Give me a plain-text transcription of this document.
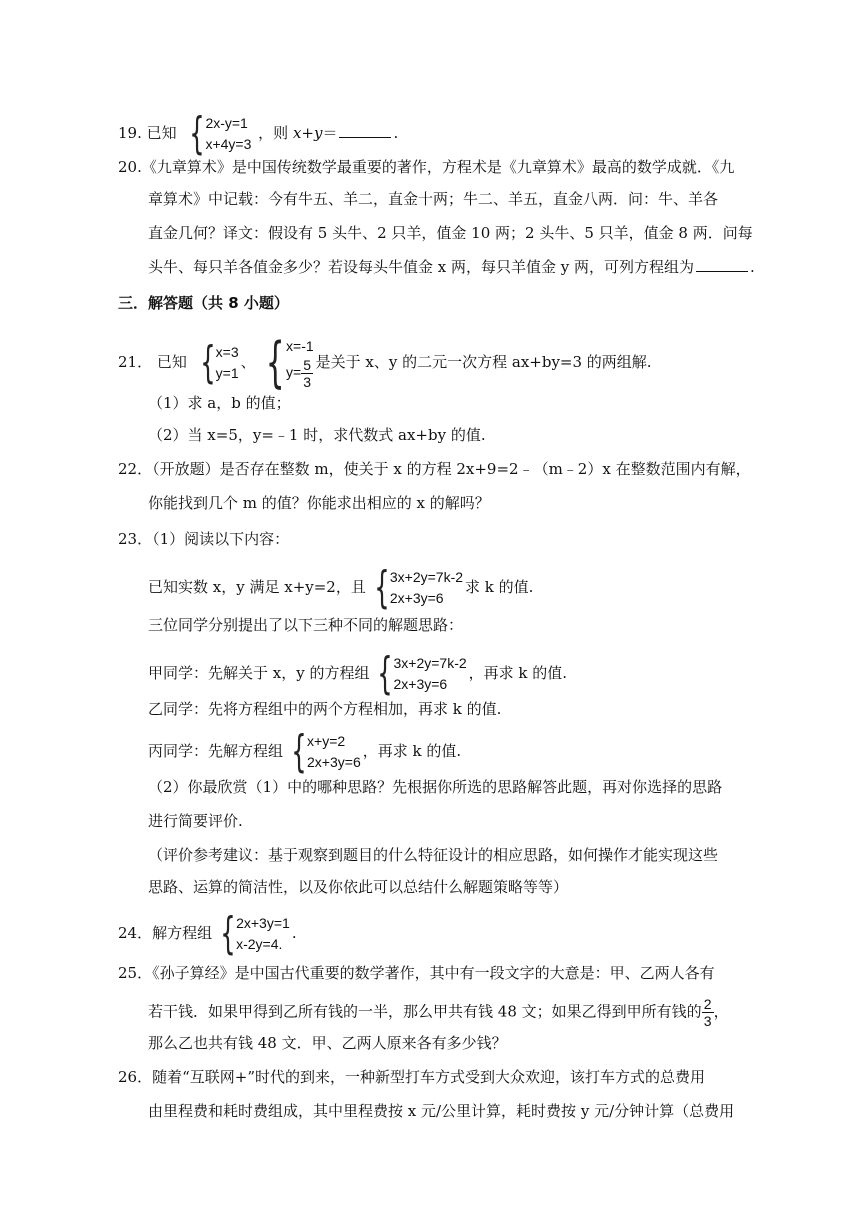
19. 已知 { 2x-y=1
x+4y=3
，则 x+y＝	.
20.《九章算术》是中国传统数学最重要的著作，方程术是《九章算术》最高的数学成就．《九
章算术》中记载：今有牛五、羊二，直金十两；牛二、羊五，直金八两．问：牛、羊各
直金几何？译文：假设有 5 头牛、2 只羊，值金 10 两；2 头牛、5 只羊，值金 8 两．问每
头牛、每只羊各值金多少？若设每头牛值金 x 两，每只羊值金 y 两，可列方程组为	.
三．解答题（共 8 小题）
21． 已知 { x=3
y=1
、 { x=-1
$y= \frac{5}{3}$ 是关于 x、y 的二元一次方程 ax+by=3 的两组解.
（1）求 a，b 的值；
（2）当 x=5，y=﹣1 时，求代数式 ax+by 的值.
22．（开放题）是否存在整数 m，使关于 x 的方程 2x+9=2﹣（m﹣2）x 在整数范围内有解，
你能找到几个 m 的值？你能求出相应的 x 的解吗？
23．（1）阅读以下内容：
已知实数 x，y 满足 x+y=2，且 { 3x+2y=7k-2
2x+3y=6
求 k 的值.
三位同学分别提出了以下三种不同的解题思路：
甲同学：先解关于 x，y 的方程组 { 3x+2y=7k-2
2x+3y=6
，再求 k 的值.
乙同学：先将方程组中的两个方程相加，再求 k 的值.
丙同学：先解方程组 { x+y=2
2x+3y=6
，再求 k 的值.
（2）你最欣赏（1）中的哪种思路？先根据你所选的思路解答此题，再对你选择的思路
进行简要评价.
（评价参考建议：基于观察到题目的什么特征设计的相应思路，如何操作才能实现这些
思路、运算的简洁性，以及你依此可以总结什么解题策略等等）
24．解方程组 { 2x+3y=1
x-2y=4.
.
25．《孙子算经》是中国古代重要的数学著作，其中有一段文字的大意是：甲、乙两人各有
若干钱．如果甲得到乙所有钱的一半，那么甲共有钱 48 文；如果乙得到甲所有钱的 $\frac{2}{3}$ ，
那么乙也共有钱 48 文．甲、乙两人原来各有多少钱？
26．随着“互联网+”时代的到来，一种新型打车方式受到大众欢迎，该打车方式的总费用
由里程费和耗时费组成，其中里程费按 x 元/公里计算，耗时费按 y 元/分钟计算（总费用
